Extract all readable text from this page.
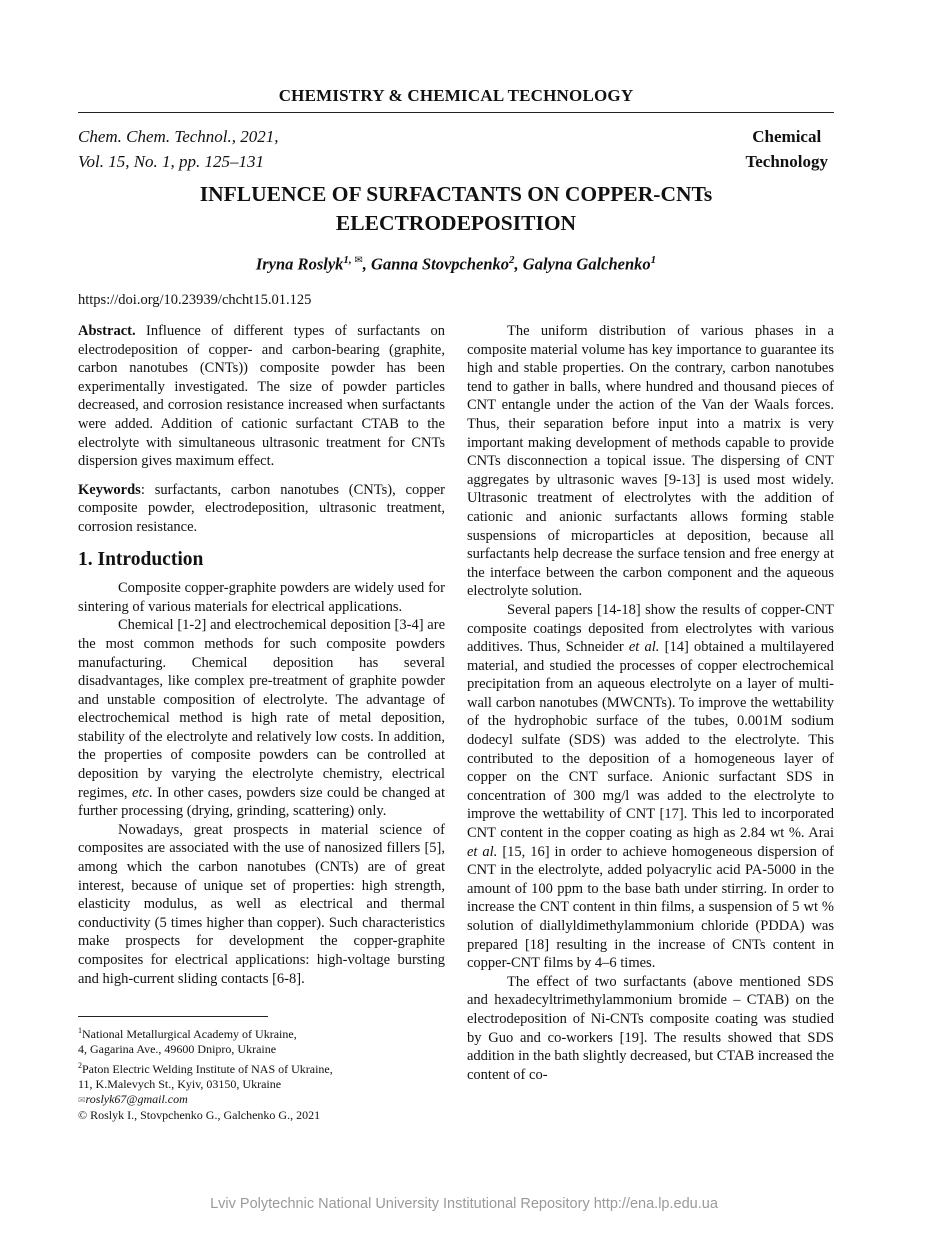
CHEMISTRY & CHEMICAL TECHNOLOGY
Chem. Chem. Technol., 2021,
Vol. 15, No. 1, pp. 125–131
Chemical
Technology
INFLUENCE OF SURFACTANTS ON COPPER-CNTs
ELECTRODEPOSITION
Iryna Roslyk$^{1, ✉}$, Ganna Stovpchenko$^2$, Galyna Galchenko$^1$
https://doi.org/10.23939/chcht15.01.125

Abstract. Influence of different types of surfactants on electrodeposition of copper- and carbon-bearing (graphite, carbon nanotubes (CNTs)) composite powder has been experimentally investigated. The size of powder particles decreased, and corrosion resistance increased when surfactants were added. Addition of cationic surfactant CTAB to the electrolyte with simultaneous ultrasonic treatment for CNTs dispersion gives maximum effect.

Keywords: surfactants, carbon nanotubes (CNTs), copper composite powder, electrodeposition, ultrasonic treatment, corrosion resistance.

1. Introduction

Composite copper-graphite powders are widely used for sintering of various materials for electrical applications.

Chemical [1-2] and electrochemical deposition [3-4] are the most common methods for such composite powders manufacturing. Chemical deposition has several disadvantages, like complex pre-treatment of graphite powder and unstable composition of electrolyte. The advantage of electrochemical method is high rate of metal deposition, stability of the electrolyte and relatively low costs. In addition, the properties of composite powders can be controlled at deposition by varying the electrolyte chemistry, electrical regimes, etc. In other cases, powders size could be changed at further processing (drying, grinding, scattering) only.

Nowadays, great prospects in material science of composites are associated with the use of nanosized fillers [5], among which the carbon nanotubes (CNTs) are of great interest, because of unique set of properties: high strength, elasticity modulus, as well as electrical and thermal conductivity (5 times higher than copper). Such characteristics make prospects for development the copper-graphite composites for electrical applications: high-voltage bursting and high-current sliding contacts [6-8].

$^1$National Metallurgical Academy of Ukraine,
4, Gagarina Ave., 49600 Dnipro, Ukraine
$^2$Paton Electric Welding Institute of NAS of Ukraine,
11, K.Malevych St., Kyiv, 03150, Ukraine
✉roslyk67@gmail.com
© Roslyk I., Stovpchenko G., Galchenko G., 2021

The uniform distribution of various phases in a composite material volume has key importance to guarantee its high and stable properties. On the contrary, carbon nanotubes tend to gather in balls, where hundred and thousand pieces of CNT entangle under the action of the Van der Waals forces. Thus, their separation before input into a matrix is very important making development of methods capable to provide CNTs disconnection a topical issue. The dispersing of CNT aggregates by ultrasonic waves [9-13] is used most widely. Ultrasonic treatment of electrolytes with the addition of cationic and anionic surfactants allows forming stable suspensions of microparticles at deposition, because all surfactants help decrease the surface tension and free energy at the interface between the carbon component and the aqueous electrolyte solution.

Several papers [14-18] show the results of copper-CNT composite coatings deposited from electrolytes with various additives. Thus, Schneider et al. [14] obtained a multilayered material, and studied the processes of copper electrochemical precipitation from an aqueous electrolyte on a layer of multi-wall carbon nanotubes (MWCNTs). To improve the wettability of the hydrophobic surface of the tubes, 0.001M sodium dodecyl sulfate (SDS) was added to the electrolyte. This contributed to the deposition of a homogeneous layer of copper on the CNT surface. Anionic surfactant SDS in concentration of 300 mg/l was added to the electrolyte to improve the wettability of CNT [17]. This led to incorporated CNT content in the copper coating as high as 2.84 wt %. Arai et al. [15, 16] in order to achieve homogeneous dispersion of CNT in the electrolyte, added polyacrylic acid PA-5000 in the amount of 100 ppm to the base bath under stirring. In order to increase the CNT content in thin films, a suspension of 5 wt % solution of diallyldimethylammonium chloride (PDDA) was prepared [18] resulting in the increase of CNTs content in copper-CNT films by 4–6 times.

The effect of two surfactants (above mentioned SDS and hexadecyltrimethylammonium bromide – CTAB) on the electrodeposition of Ni-CNTs composite coating was studied by Guo and co-workers [19]. The results showed that SDS addition in the bath slightly decreased, but CTAB increased the content of co-

Lviv Polytechnic National University Institutional Repository http://ena.lp.edu.ua
